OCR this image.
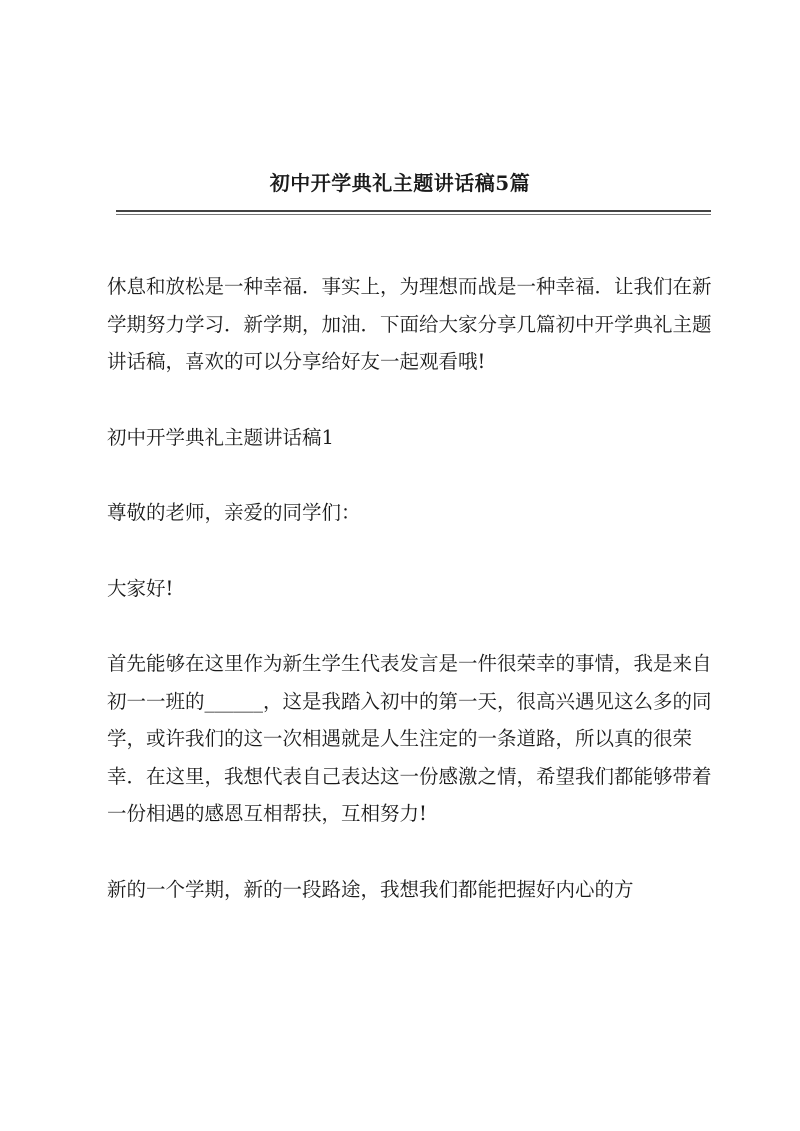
初中开学典礼主题讲话稿5篇

休息和放松是一种幸福．事实上，为理想而战是一种幸福．让我们在新学期努力学习．新学期，加油．下面给大家分享几篇初中开学典礼主题讲话稿，喜欢的可以分享给好友一起观看哦!

初中开学典礼主题讲话稿1

尊敬的老师，亲爱的同学们：

大家好!

首先能够在这里作为新生学生代表发言是一件很荣幸的事情，我是来自初一一班的______，这是我踏入初中的第一天，很高兴遇见这么多的同学，或许我们的这一次相遇就是人生注定的一条道路，所以真的很荣幸．在这里，我想代表自己表达这一份感激之情，希望我们都能够带着一份相遇的感恩互相帮扶，互相努力!

新的一个学期，新的一段路途，我想我们都能把握好内心的方
